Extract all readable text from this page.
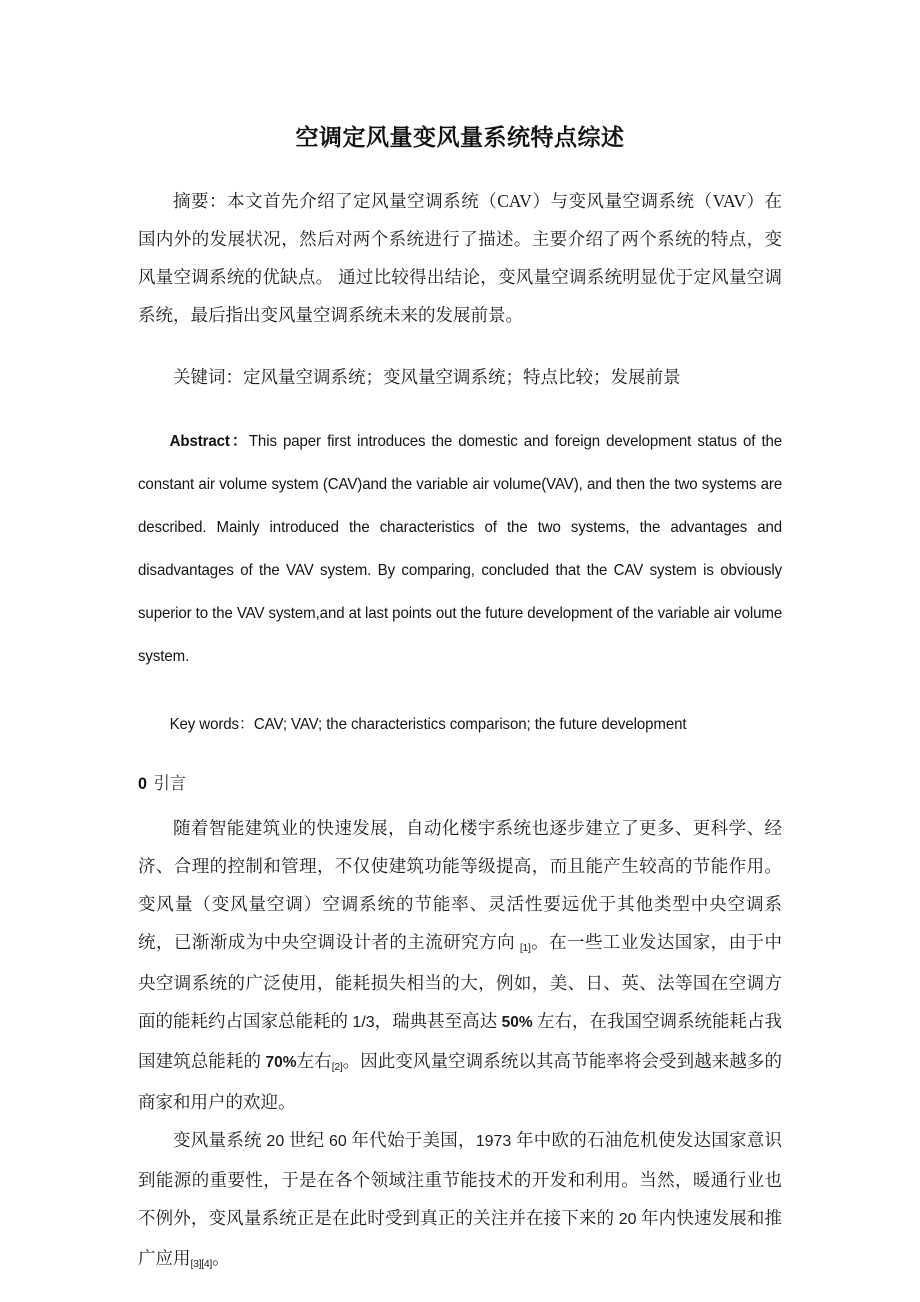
空调定风量变风量系统特点综述

摘要：本文首先介绍了定风量空调系统（CAV）与变风量空调系统（VAV）在国内外的发展状况，然后对两个系统进行了描述。主要介绍了两个系统的特点，变风量空调系统的优缺点。 通过比较得出结论，变风量空调系统明显优于定风量空调系统，最后指出变风量空调系统未来的发展前景。

关键词：定风量空调系统；变风量空调系统；特点比较；发展前景

Abstract：This paper first introduces the domestic and foreign development status of the constant air volume system (CAV)and the variable air volume(VAV), and then the two systems are described. Mainly introduced the characteristics of the two systems, the advantages and disadvantages of the VAV system. By comparing, concluded that the CAV system is obviously superior to the VAV system,and at last points out the future development of the variable air volume system.

Key words：CAV; VAV; the characteristics comparison; the future development

0 引言

随着智能建筑业的快速发展，自动化楼宇系统也逐步建立了更多、更科学、经济、合理的控制和管理，不仅使建筑功能等级提高，而且能产生较高的节能作用。变风量（变风量空调）空调系统的节能率、灵活性要远优于其他类型中央空调系统，已渐渐成为中央空调设计者的主流研究方向 [1]。在一些工业发达国家，由于中央空调系统的广泛使用，能耗损失相当的大，例如，美、日、英、法等国在空调方面的能耗约占国家总能耗的 1/3，瑞典甚至高达 50% 左右，在我国空调系统能耗占我国建筑总能耗的 70%左右[2]。因此变风量空调系统以其高节能率将会受到越来越多的商家和用户的欢迎。

变风量系统 20 世纪 60 年代始于美国，1973 年中欧的石油危机使发达国家意识到能源的重要性，于是在各个领域注重节能技术的开发和利用。当然，暖通行业也不例外，变风量系统正是在此时受到真正的关注并在接下来的 20 年内快速发展和推广应用[3][4]。
